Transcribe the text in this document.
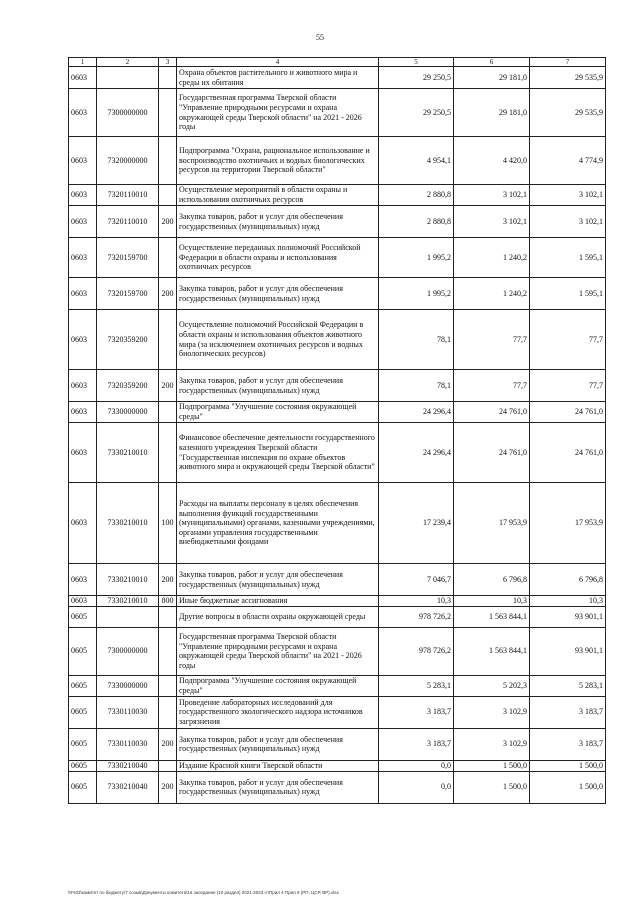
55
1	2	3	4	5	6	7
0603			Охрана объектов растительного и животного мира и среды их обитания	29 250,5	29 181,0	29 535,9
0603	7300000000		Государственная программа Тверской области "Управление природными ресурсами и охрана окружающей среды Тверской области" на 2021 - 2026 годы	29 250,5	29 181,0	29 535,9
0603	7320000000		Подпрограмма "Охрана, рациональное использование и воспроизводство охотничьих и водных биологических ресурсов на территории Тверской области"	4 954,1	4 420,0	4 774,9
0603	7320110010		Осуществление мероприятий в области охраны и использования охотничьих ресурсов	2 880,8	3 102,1	3 102,1
0603	7320110010	200	Закупка товаров, работ и услуг для обеспечения государственных (муниципальных) нужд	2 880,8	3 102,1	3 102,1
0603	7320159700		Осуществление переданных полномочий Российской Федерации в области охраны и использования охотничьих ресурсов	1 995,2	1 240,2	1 595,1
0603	7320159700	200	Закупка товаров, работ и услуг для обеспечения государственных (муниципальных) нужд	1 995,2	1 240,2	1 595,1
0603	7320359200		Осуществление полномочий Российской Федерации в области охраны и использования объектов животного мира (за исключением охотничьих ресурсов и водных биологических ресурсов)	78,1	77,7	77,7
0603	7320359200	200	Закупка товаров, работ и услуг для обеспечения государственных (муниципальных) нужд	78,1	77,7	77,7
0603	7330000000		Подпрограмма "Улучшение состояния окружающей среды"	24 296,4	24 761,0	24 761,0
0603	7330210010		Финансовое обеспечение деятельности государственного казенного учреждения Тверской области "Государственная инспекция по охране объектов животного мира и окружающей среды Тверской области"	24 296,4	24 761,0	24 761,0
0603	7330210010	100	Расходы на выплаты персоналу в целях обеспечения выполнения функций государственными (муниципальными) органами, казенными учреждениями, органами управления государственными внебюджетными фондами	17 239,4	17 953,9	17 953,9
0603	7330210010	200	Закупка товаров, работ и услуг для обеспечения государственных (муниципальных) нужд	7 046,7	6 796,8	6 796,8
0603	7330210010	800	Иные бюджетные ассигнования	10,3	10,3	10,3
0605			Другие вопросы в области охраны окружающей среды	978 726,2	1 563 844,1	93 901,1
0605	7300000000		Государственная программа Тверской области "Управление природными ресурсами и охрана окружающей среды Тверской области" на 2021 - 2026 годы	978 726,2	1 563 844,1	93 901,1
0605	7330000000		Подпрограмма "Улучшение состояния окружающей среды"	5 283,1	5 202,3	5 283,1
0605	7330110030		Проведение лабораторных исследований для государственного экологического надзора источников загрязнения	3 183,7	3 102,9	3 183,7
0605	7330110030	200	Закупка товаров, работ и услуг для обеспечения государственных (муниципальных) нужд	3 183,7	3 102,9	3 183,7
0605	7330210040		Издание Красной книги Тверской области	0,0	1 500,0	1 500,0
0605	7330210040	200	Закупка товаров, работ и услуг для обеспечения государственных (муниципальных) нужд	0,0	1 500,0	1 500,0
\\Fs03\комитет по бюджету\7 созыв\Документы комитета\16 заседание (10 раздел) 2021-2023 гг\Прил 4 Прил 8 (РП, ЦСР, ВР).xlsx
